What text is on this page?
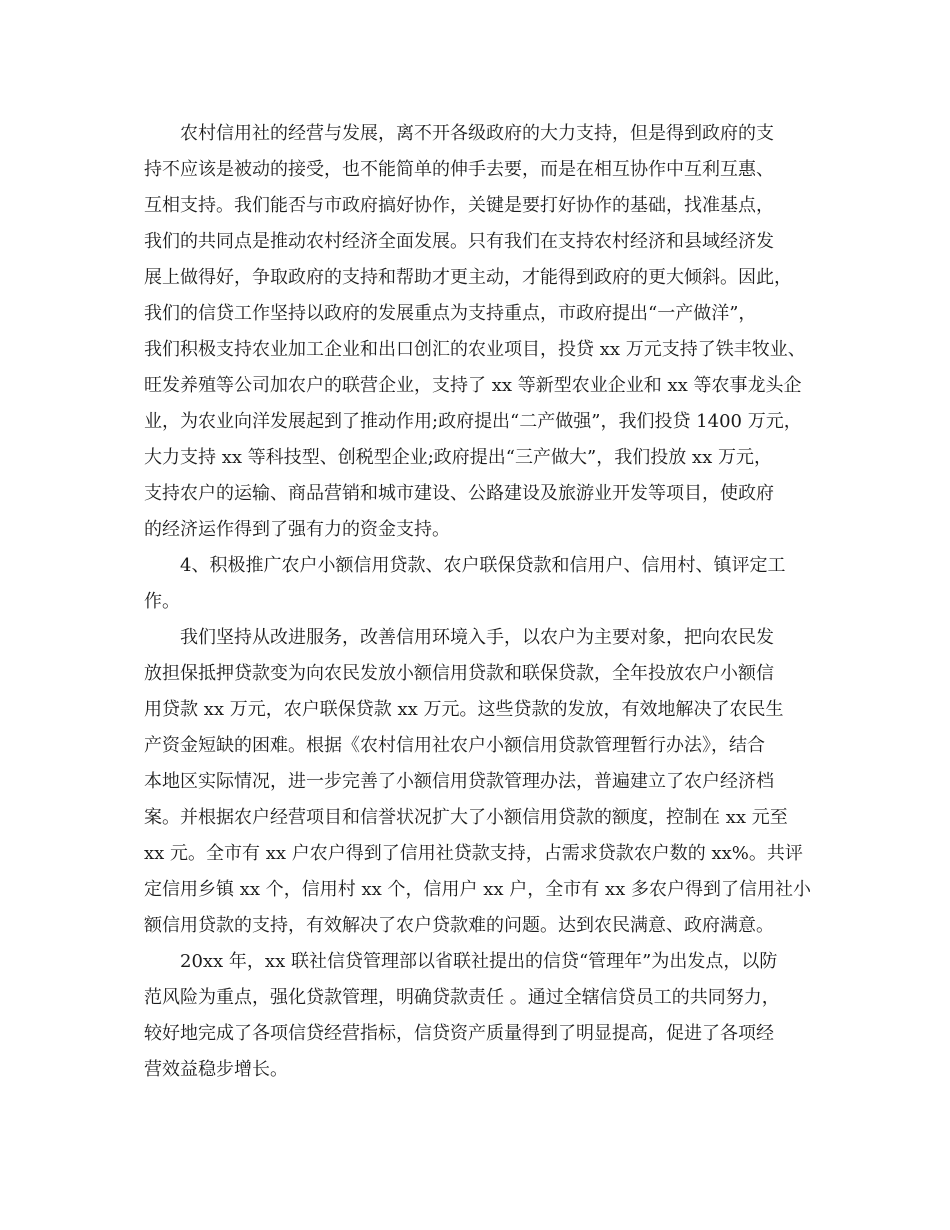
农村信用社的经营与发展，离不开各级政府的大力支持，但是得到政府的支
持不应该是被动的接受，也不能简单的伸手去要，而是在相互协作中互利互惠、
互相支持。我们能否与市政府搞好协作，关键是要打好协作的基础，找准基点，
我们的共同点是推动农村经济全面发展。只有我们在支持农村经济和县域经济发
展上做得好，争取政府的支持和帮助才更主动，才能得到政府的更大倾斜。因此，
我们的信贷工作坚持以政府的发展重点为支持重点，市政府提出“一产做洋”，
我们积极支持农业加工企业和出口创汇的农业项目，投贷 xx 万元支持了铁丰牧业、
旺发养殖等公司加农户的联营企业，支持了 xx 等新型农业企业和 xx 等农事龙头企
业，为农业向洋发展起到了推动作用;政府提出“二产做强”，我们投贷 1400 万元，
大力支持 xx 等科技型、创税型企业;政府提出“三产做大”，我们投放 xx 万元，
支持农户的运输、商品营销和城市建设、公路建设及旅游业开发等项目，使政府
的经济运作得到了强有力的资金支持。
4、积极推广农户小额信用贷款、农户联保贷款和信用户、信用村、镇评定工
作。
我们坚持从改进服务，改善信用环境入手，以农户为主要对象，把向农民发
放担保抵押贷款变为向农民发放小额信用贷款和联保贷款，全年投放农户小额信
用贷款 xx 万元，农户联保贷款 xx 万元。这些贷款的发放，有效地解决了农民生
产资金短缺的困难。根据《农村信用社农户小额信用贷款管理暂行办法》，结合
本地区实际情况，进一步完善了小额信用贷款管理办法，普遍建立了农户经济档
案。并根据农户经营项目和信誉状况扩大了小额信用贷款的额度，控制在 xx 元至
xx 元。全市有 xx 户农户得到了信用社贷款支持，占需求贷款农户数的 xx%。共评
定信用乡镇 xx 个，信用村 xx 个，信用户 xx 户，全市有 xx 多农户得到了信用社小
额信用贷款的支持，有效解决了农户贷款难的问题。达到农民满意、政府满意。
20xx 年，xx 联社信贷管理部以省联社提出的信贷“管理年”为出发点，以防
范风险为重点，强化贷款管理，明确贷款责任 。通过全辖信贷员工的共同努力，
较好地完成了各项信贷经营指标，信贷资产质量得到了明显提高，促进了各项经
营效益稳步增长。
